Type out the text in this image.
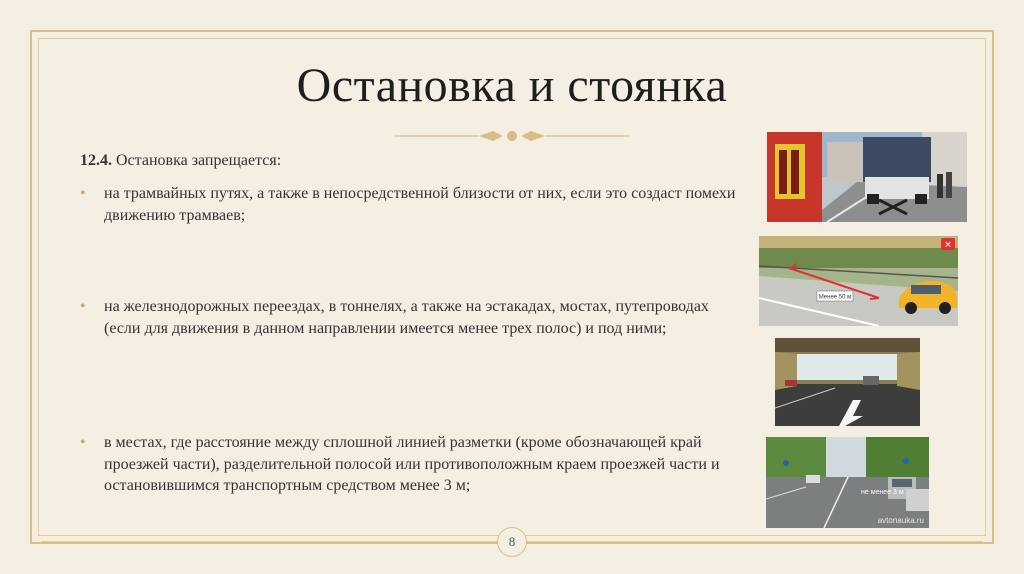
Остановка и стоянка
12.4. Остановка запрещается:
•	на трамвайных путях, а также в непосредственной близости от них, если это создаст помехи движению трамваев;
•	на железнодорожных переездах, в тоннелях, а также на эстакадах, мостах, путепроводах (если для движения в данном направлении имеется менее трех полос) и под ними;
•	в местах, где расстояние между сплошной линией разметки (кроме обозначающей край проезжей части), разделительной полосой или противоположным краем проезжей части и остановившимся транспортным средством менее 3 м;
Менее 50 м
✕
не менее 3 м
avtonauka.ru
8
